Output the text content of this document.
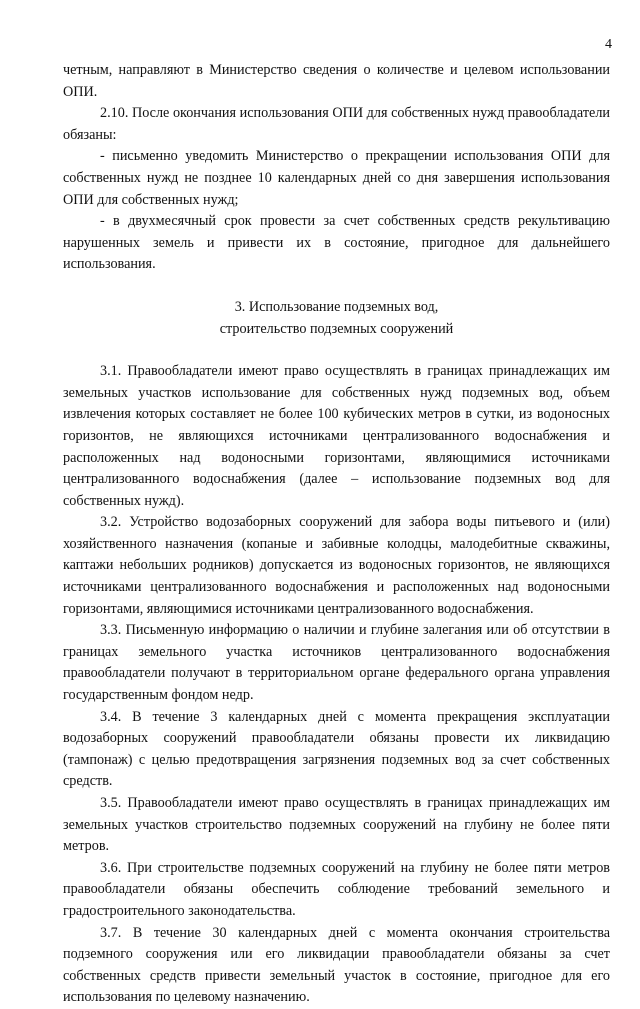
4

четным, направляют в Министерство сведения о количестве и целевом использовании ОПИ.

2.10. После окончания использования ОПИ для собственных нужд правообладатели обязаны:

- письменно уведомить Министерство о прекращении использования ОПИ для собственных нужд не позднее 10 календарных дней со дня завершения использования ОПИ для собственных нужд;

- в двухмесячный срок провести за счет собственных средств рекультивацию нарушенных земель и привести их в состояние, пригодное для дальнейшего использования.

3. Использование подземных вод,
строительство подземных сооружений

3.1. Правообладатели имеют право осуществлять в границах принадлежащих им земельных участков использование для собственных нужд подземных вод, объем извлечения которых составляет не более 100 кубических метров в сутки, из водоносных горизонтов, не являющихся источниками централизованного водоснабжения и расположенных над водоносными горизонтами, являющимися источниками централизованного водоснабжения (далее – использование подземных вод для собственных нужд).

3.2. Устройство водозаборных сооружений для забора воды питьевого и (или) хозяйственного назначения (копаные и забивные колодцы, малодебитные скважины, каптажи небольших родников) допускается из водоносных горизонтов, не являющихся источниками централизованного водоснабжения и расположенных над водоносными горизонтами, являющимися источниками централизованного водоснабжения.

3.3. Письменную информацию о наличии и глубине залегания или об отсутствии в границах земельного участка источников централизованного водоснабжения правообладатели получают в территориальном органе федерального органа управления государственным фондом недр.

3.4. В течение 3 календарных дней с момента прекращения эксплуатации водозаборных сооружений правообладатели обязаны провести их ликвидацию (тампонаж) с целью предотвращения загрязнения подземных вод за счет собственных средств.

3.5. Правообладатели имеют право осуществлять в границах принадлежащих им земельных участков строительство подземных сооружений на глубину не более пяти метров.

3.6. При строительстве подземных сооружений на глубину не более пяти метров правообладатели обязаны обеспечить соблюдение требований земельного и градостроительного законодательства.

3.7. В течение 30 календарных дней с момента окончания строительства подземного сооружения или его ликвидации правообладатели обязаны за счет собственных средств привести земельный участок в состояние, пригодное для его использования по целевому назначению.
